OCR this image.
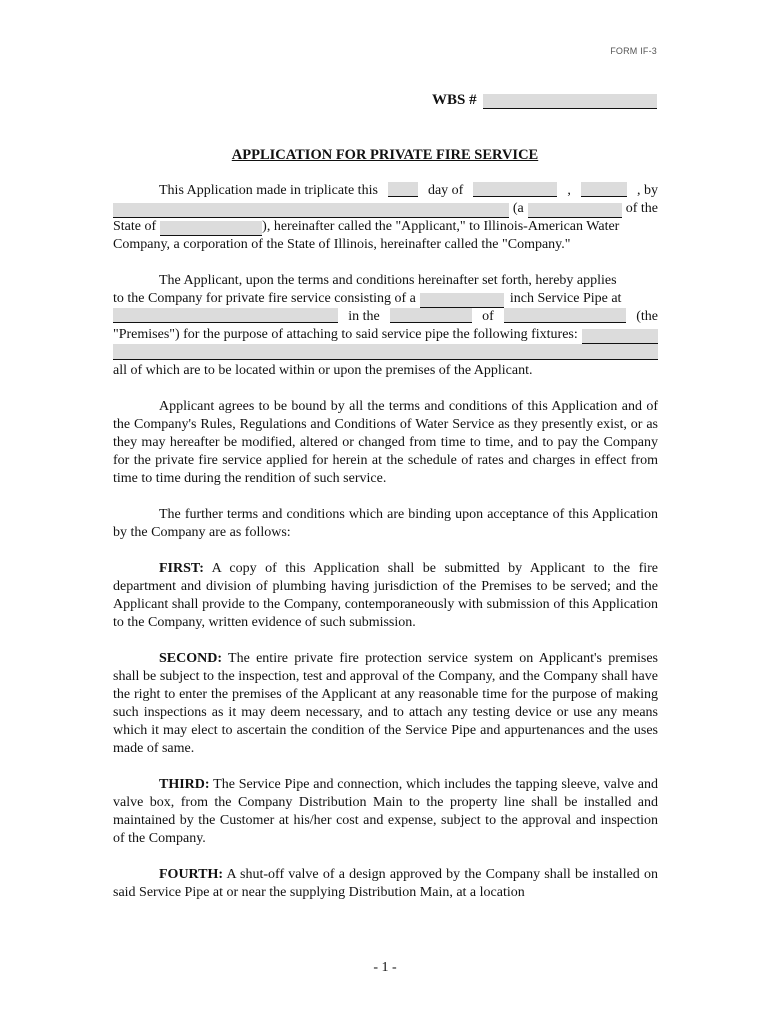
FORM IF-3
WBS #
APPLICATION FOR PRIVATE FIRE SERVICE
This Application made in triplicate this	day of	,	, by
(a	of the
State of	), hereinafter called the "Applicant," to Illinois-American Water
Company, a corporation of the State of Illinois, hereinafter called the "Company."
The Applicant, upon the terms and conditions hereinafter set forth, hereby applies
to the Company for private fire service consisting of a	inch Service Pipe at
in the	of	(the
"Premises") for the purpose of attaching to said service pipe the following fixtures:
all of which are to be located within or upon the premises of the Applicant.

Applicant agrees to be bound by all the terms and conditions of this Application and of the Company's Rules, Regulations and Conditions of Water Service as they presently exist, or as they may hereafter be modified, altered or changed from time to time, and to pay the Company for the private fire service applied for herein at the schedule of rates and charges in effect from time to time during the rendition of such service.

The further terms and conditions which are binding upon acceptance of this Application by the Company are as follows:

FIRST: A copy of this Application shall be submitted by Applicant to the fire department and division of plumbing having jurisdiction of the Premises to be served; and the Applicant shall provide to the Company, contemporaneously with submission of this Application to the Company, written evidence of such submission.

SECOND: The entire private fire protection service system on Applicant's premises shall be subject to the inspection, test and approval of the Company, and the Company shall have the right to enter the premises of the Applicant at any reasonable time for the purpose of making such inspections as it may deem necessary, and to attach any testing device or use any means which it may elect to ascertain the condition of the Service Pipe and appurtenances and the uses made of same.

THIRD: The Service Pipe and connection, which includes the tapping sleeve, valve and valve box, from the Company Distribution Main to the property line shall be installed and maintained by the Customer at his/her cost and expense, subject to the approval and inspection of the Company.

FOURTH: A shut-off valve of a design approved by the Company shall be installed on said Service Pipe at or near the supplying Distribution Main, at a location

- 1 -
